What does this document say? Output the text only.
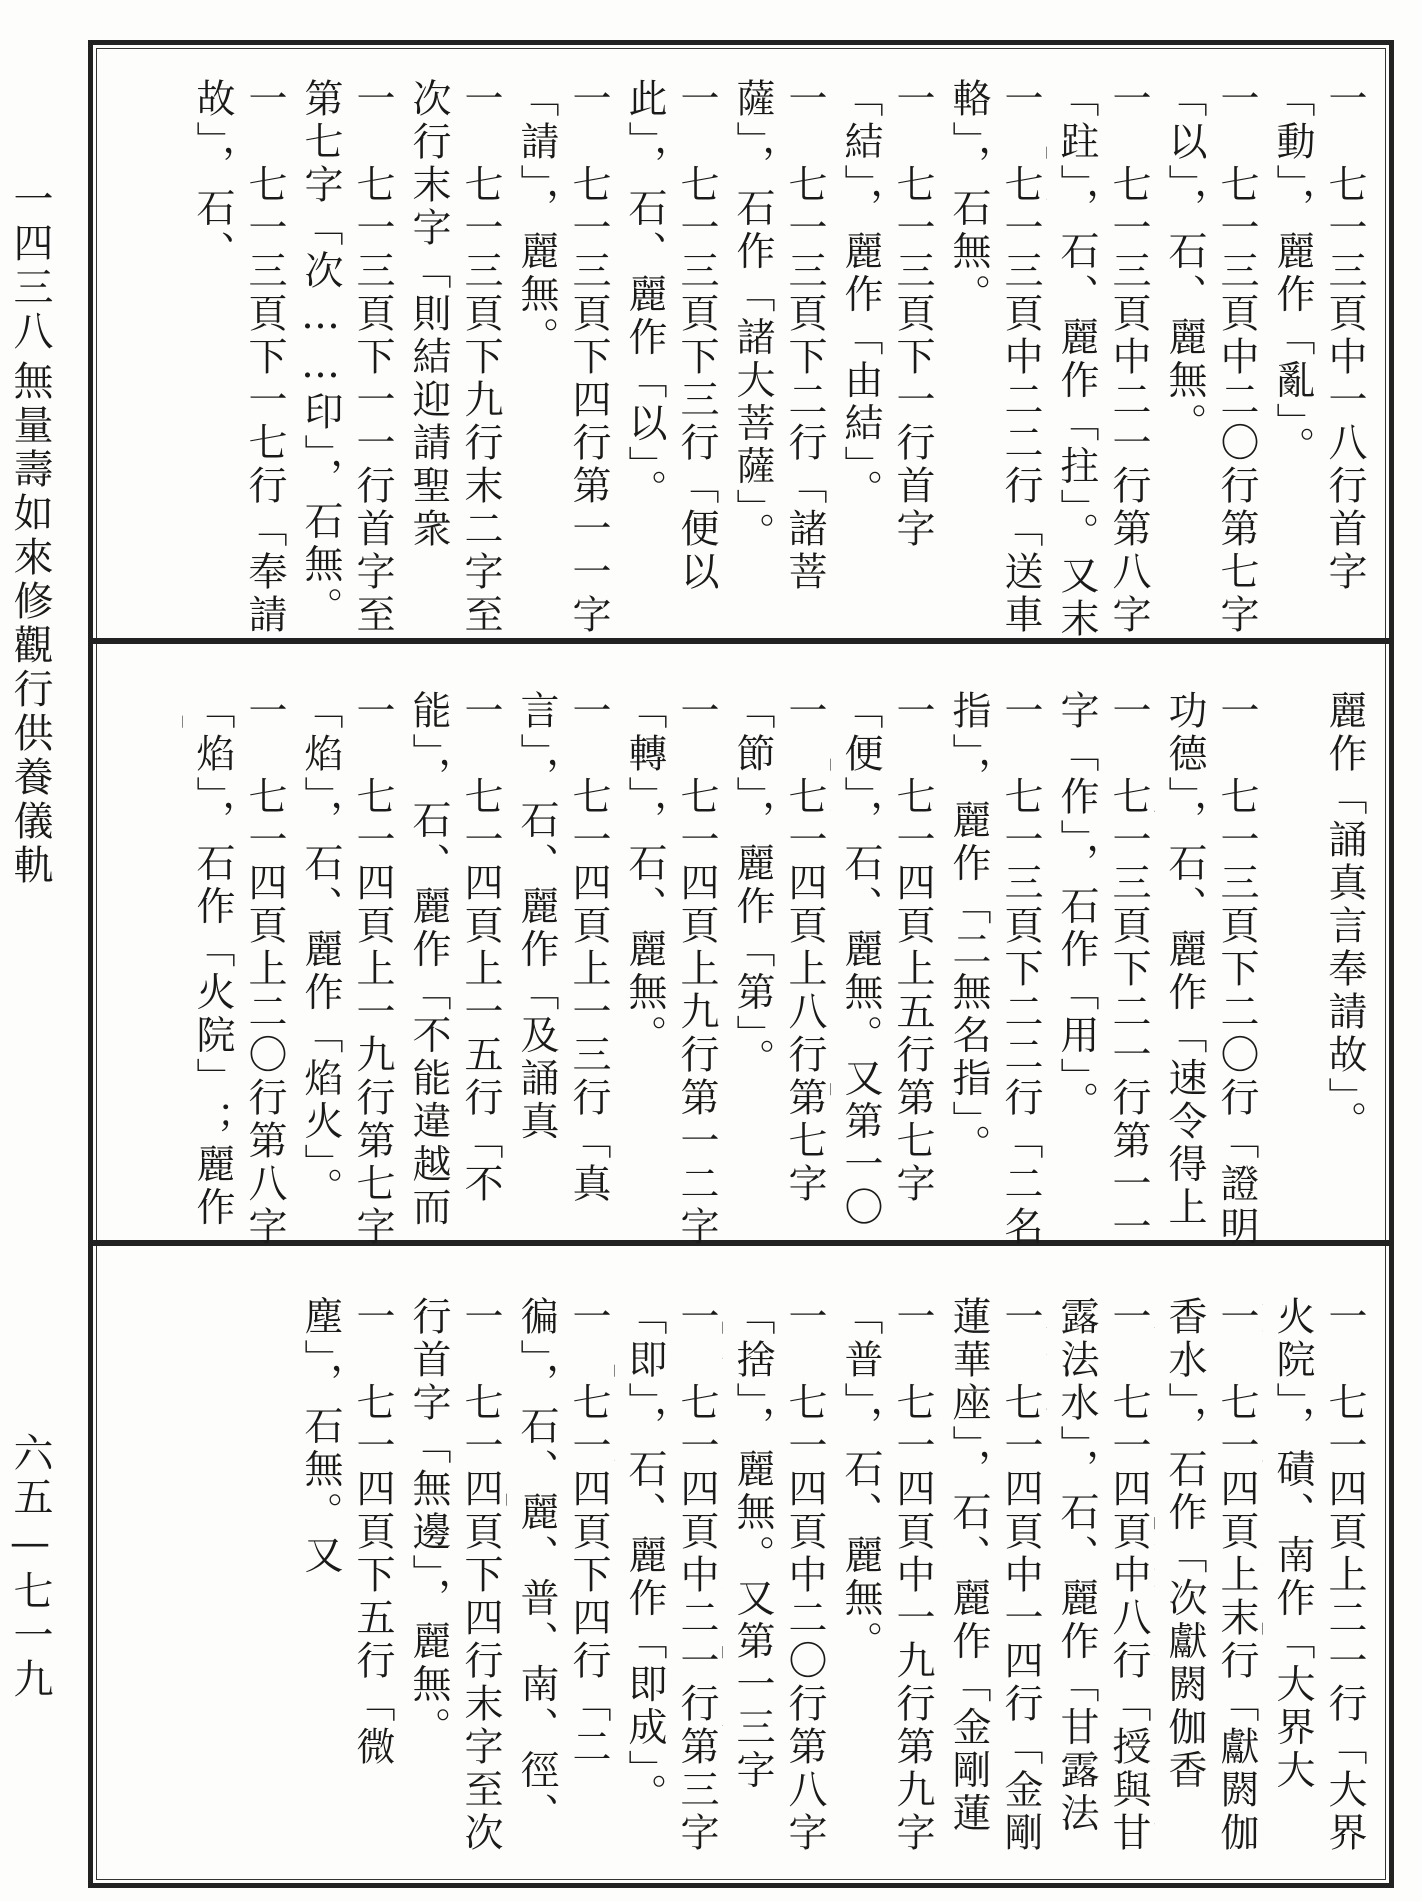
一四三八
無量壽如來修觀行供養儀軌
六五—七一九
一　七一三頁中一八行首字「動」，麗作「亂」。
一　七一三頁中二〇行第七字「以」，石、麗無。
一　七一三頁中二一行第八字「跓」，石、麗作「拄」。又末
一　七一三頁中二二行「送車輅」，石無。
一　七一三頁下一行首字「結」，麗作「由結」。
一　七一三頁下二行「諸菩薩」，石作「諸大菩薩」。
一　七一三頁下三行「便以此」，石、麗作「以」。
一　七一三頁下四行第一一字「請」，麗無。
一　七一三頁下九行末二字至次行末字「則結迎請聖衆
一　七一三頁下一一行首字至第七字「次……印」，石無。
一　七一三頁下一七行「奉請故」，石、
麗作「誦真言奉請故」。
一　七一三頁下二〇行「證明功德」，石、麗作「速令得上
一　七一三頁下二一行第一一字「作」，石作「用」。
一　七一三頁下二二行「二名指」，麗作「二無名指」。
一　七一四頁上五行第七字「便」，石、麗無。又第一〇
一　七一四頁上八行第七字「節」，麗作「第」。
一　七一四頁上九行第一二字「轉」，石、麗無。
一　七一四頁上一三行「真言」，石、麗作「及誦真
一　七一四頁上一五行「不能」，石、麗作「不能違越而
一　七一四頁上一九行第七字「焰」，石、麗作「焰火」。
一　七一四頁上二〇行第八字「焰」，石作「火院」；麗作
一　七一四頁上二一行「大界火院」，磧、南作「大界大
一　七一四頁上末行「獻閼伽香水」，石作「次獻閼伽香
一　七一四頁中八行「授與甘露法水」，石、麗作「甘露法
一　七一四頁中一四行「金剛蓮華座」，石、麗作「金剛蓮
一　七一四頁中一九行第九字「普」，石、麗無。
一　七一四頁中二〇行第八字「捨」，麗無。又第一三字
一　七一四頁中二一行第三字「即」，石、麗作「即成」。
一　七一四頁下四行「二徧」，石、麗、普、南、徑、
一　七一四頁下四行末字至次行首字「無邊」，麗無。
一　七一四頁下五行「微塵」，石無。又
